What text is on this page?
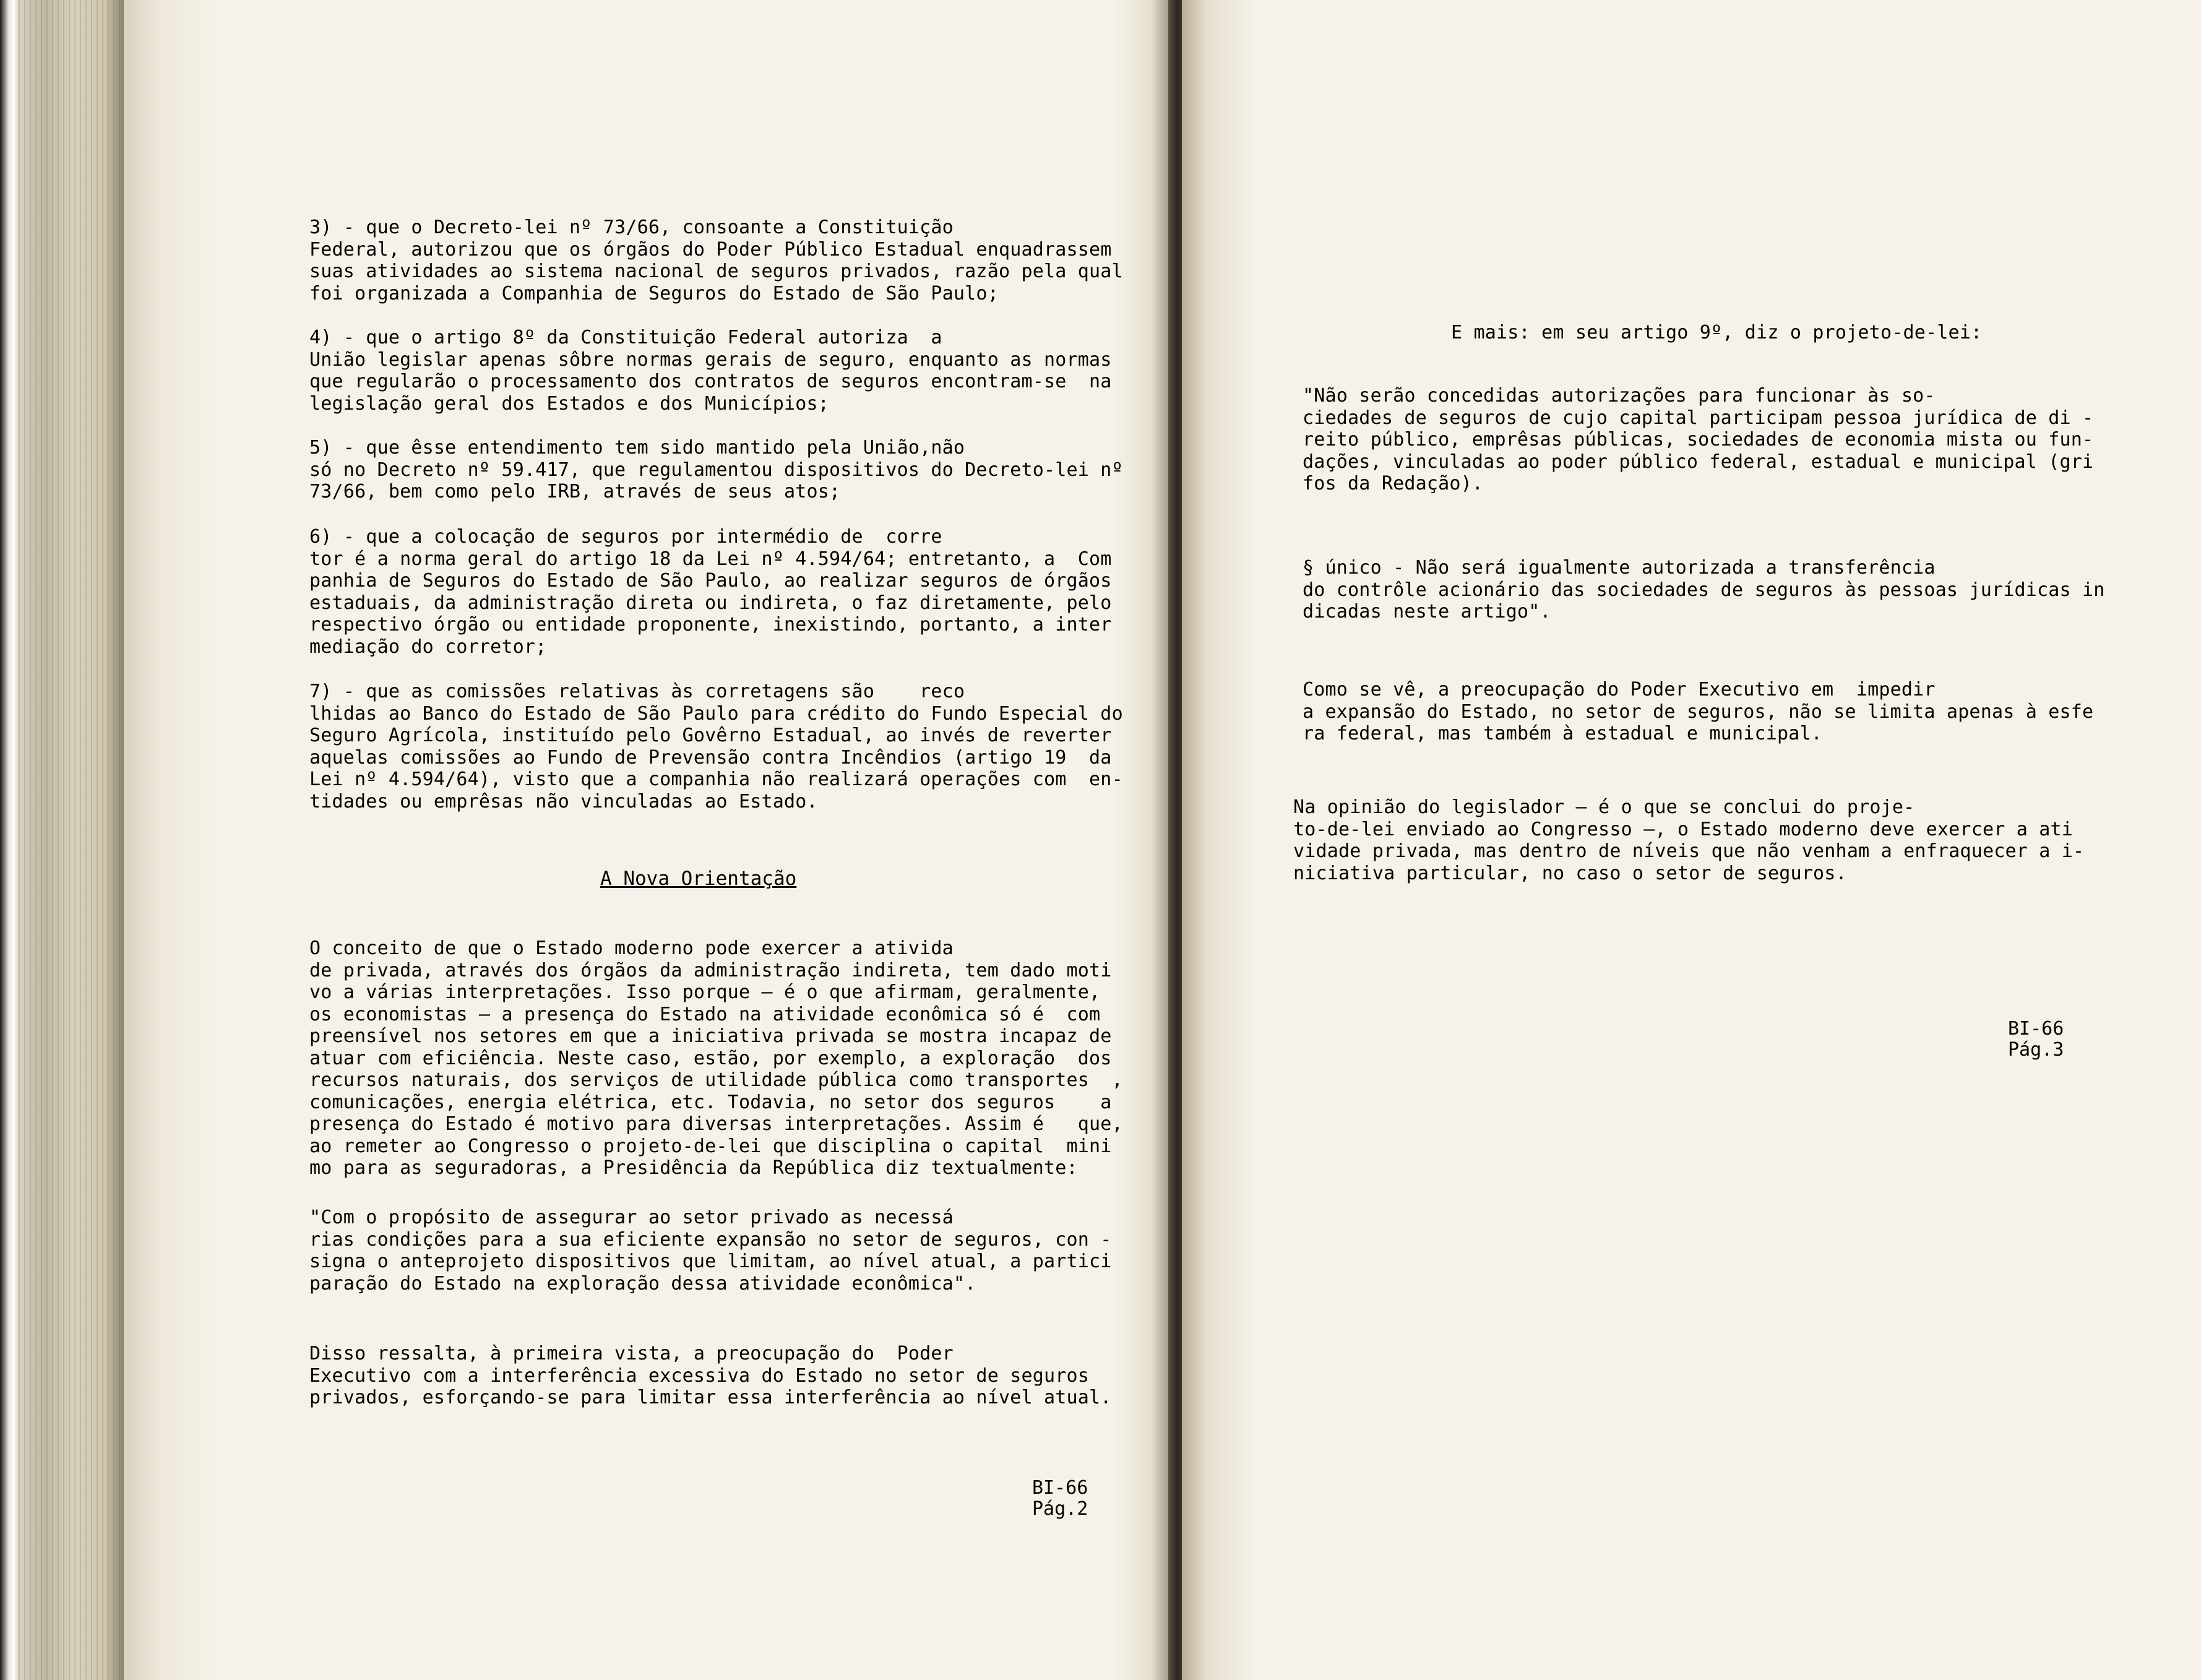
3) - que o Decreto-lei nº 73/66, consoante a Constituição
Federal, autorizou que os órgãos do Poder Público Estadual enquadrassem
suas atividades ao sistema nacional de seguros privados, razão pela qual
foi organizada a Companhia de Seguros do Estado de São Paulo;
4) - que o artigo 8º da Constituição Federal autoriza  a
União legislar apenas sôbre normas gerais de seguro, enquanto as normas
que regularão o processamento dos contratos de seguros encontram-se  na
legislação geral dos Estados e dos Municípios;
5) - que êsse entendimento tem sido mantido pela União,não
só no Decreto nº 59.417, que regulamentou dispositivos do Decreto-lei nº
73/66, bem como pelo IRB, através de seus atos;
6) - que a colocação de seguros por intermédio de  corre
tor é a norma geral do artigo 18 da Lei nº 4.594/64; entretanto, a  Com
panhia de Seguros do Estado de São Paulo, ao realizar seguros de órgãos
estaduais, da administração direta ou indireta, o faz diretamente, pelo
respectivo órgão ou entidade proponente, inexistindo, portanto, a inter
mediação do corretor;
7) - que as comissões relativas às corretagens são    reco
lhidas ao Banco do Estado de São Paulo para crédito do Fundo Especial do
Seguro Agrícola, instituído pelo Govêrno Estadual, ao invés de reverter
aquelas comissões ao Fundo de Prevensão contra Incêndios (artigo 19  da
Lei nº 4.594/64), visto que a companhia não realizará operações com  en-
tidades ou emprêsas não vinculadas ao Estado.
A Nova Orientação
O conceito de que o Estado moderno pode exercer a ativida
de privada, através dos órgãos da administração indireta, tem dado moti
vo a várias interpretações. Isso porque — é o que afirmam, geralmente,
os economistas — a presença do Estado na atividade econômica só é  com
preensível nos setores em que a iniciativa privada se mostra incapaz de
atuar com eficiência. Neste caso, estão, por exemplo, a exploração  dos
recursos naturais, dos serviços de utilidade pública como transportes  ,
comunicações, energia elétrica, etc. Todavia, no setor dos seguros    a
presença do Estado é motivo para diversas interpretações. Assim é   que,
ao remeter ao Congresso o projeto-de-lei que disciplina o capital  mini
mo para as seguradoras, a Presidência da República diz textualmente:
"Com o propósito de assegurar ao setor privado as necessá
rias condições para a sua eficiente expansão no setor de seguros, con -
signa o anteprojeto dispositivos que limitam, ao nível atual, a partici
paração do Estado na exploração dessa atividade econômica".
Disso ressalta, à primeira vista, a preocupação do  Poder
Executivo com a interferência excessiva do Estado no setor de seguros
privados, esforçando-se para limitar essa interferência ao nível atual.
BI-66
Pág.2
E mais: em seu artigo 9º, diz o projeto-de-lei:
"Não serão concedidas autorizações para funcionar às so-
ciedades de seguros de cujo capital participam pessoa jurídica de di -
reito público, emprêsas públicas, sociedades de economia mista ou fun-
dações, vinculadas ao poder público federal, estadual e municipal (gri
fos da Redação).
§ único - Não será igualmente autorizada a transferência
do contrôle acionário das sociedades de seguros às pessoas jurídicas in
dicadas neste artigo".
Como se vê, a preocupação do Poder Executivo em  impedir
a expansão do Estado, no setor de seguros, não se limita apenas à esfe
ra federal, mas também à estadual e municipal.
Na opinião do legislador — é o que se conclui do proje-
to-de-lei enviado ao Congresso —, o Estado moderno deve exercer a ati
vidade privada, mas dentro de níveis que não venham a enfraquecer a i-
niciativa particular, no caso o setor de seguros.
BI-66
Pág.3
